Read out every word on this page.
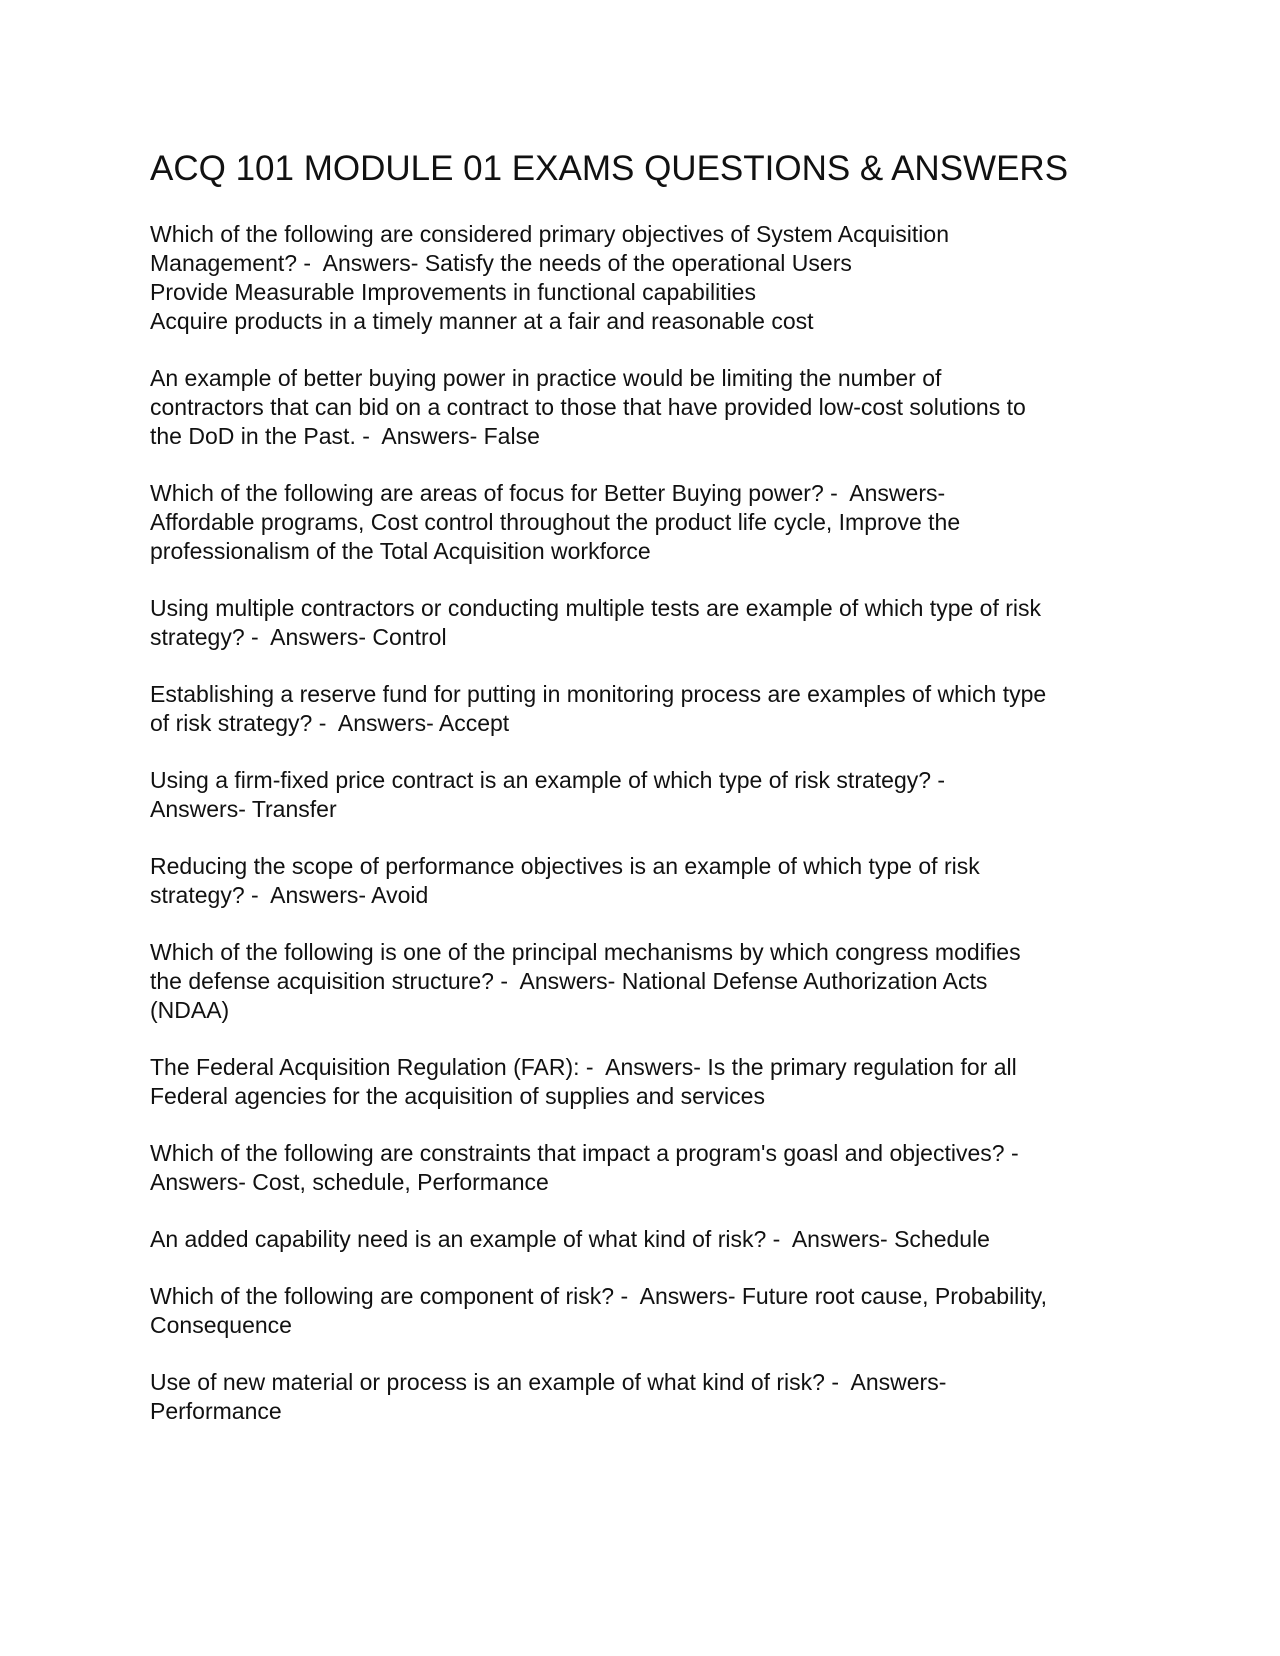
ACQ 101 MODULE 01 EXAMS QUESTIONS & ANSWERS
Which of the following are considered primary objectives of System Acquisition
Management? -  Answers- Satisfy the needs of the operational Users
Provide Measurable Improvements in functional capabilities
Acquire products in a timely manner at a fair and reasonable cost
An example of better buying power in practice would be limiting the number of
contractors that can bid on a contract to those that have provided low-cost solutions to
the DoD in the Past. -  Answers- False
Which of the following are areas of focus for Better Buying power? -  Answers-
Affordable programs, Cost control throughout the product life cycle, Improve the
professionalism of the Total Acquisition workforce
Using multiple contractors or conducting multiple tests are example of which type of risk
strategy? -  Answers- Control
Establishing a reserve fund for putting in monitoring process are examples of which type
of risk strategy? -  Answers- Accept
Using a firm-fixed price contract is an example of which type of risk strategy? -
Answers- Transfer
Reducing the scope of performance objectives is an example of which type of risk
strategy? -  Answers- Avoid
Which of the following is one of the principal mechanisms by which congress modifies
the defense acquisition structure? -  Answers- National Defense Authorization Acts
(NDAA)
The Federal Acquisition Regulation (FAR): -  Answers- Is the primary regulation for all
Federal agencies for the acquisition of supplies and services
Which of the following are constraints that impact a program's goasl and objectives? -
Answers- Cost, schedule, Performance
An added capability need is an example of what kind of risk? -  Answers- Schedule
Which of the following are component of risk? -  Answers- Future root cause, Probability,
Consequence
Use of new material or process is an example of what kind of risk? -  Answers-
Performance
